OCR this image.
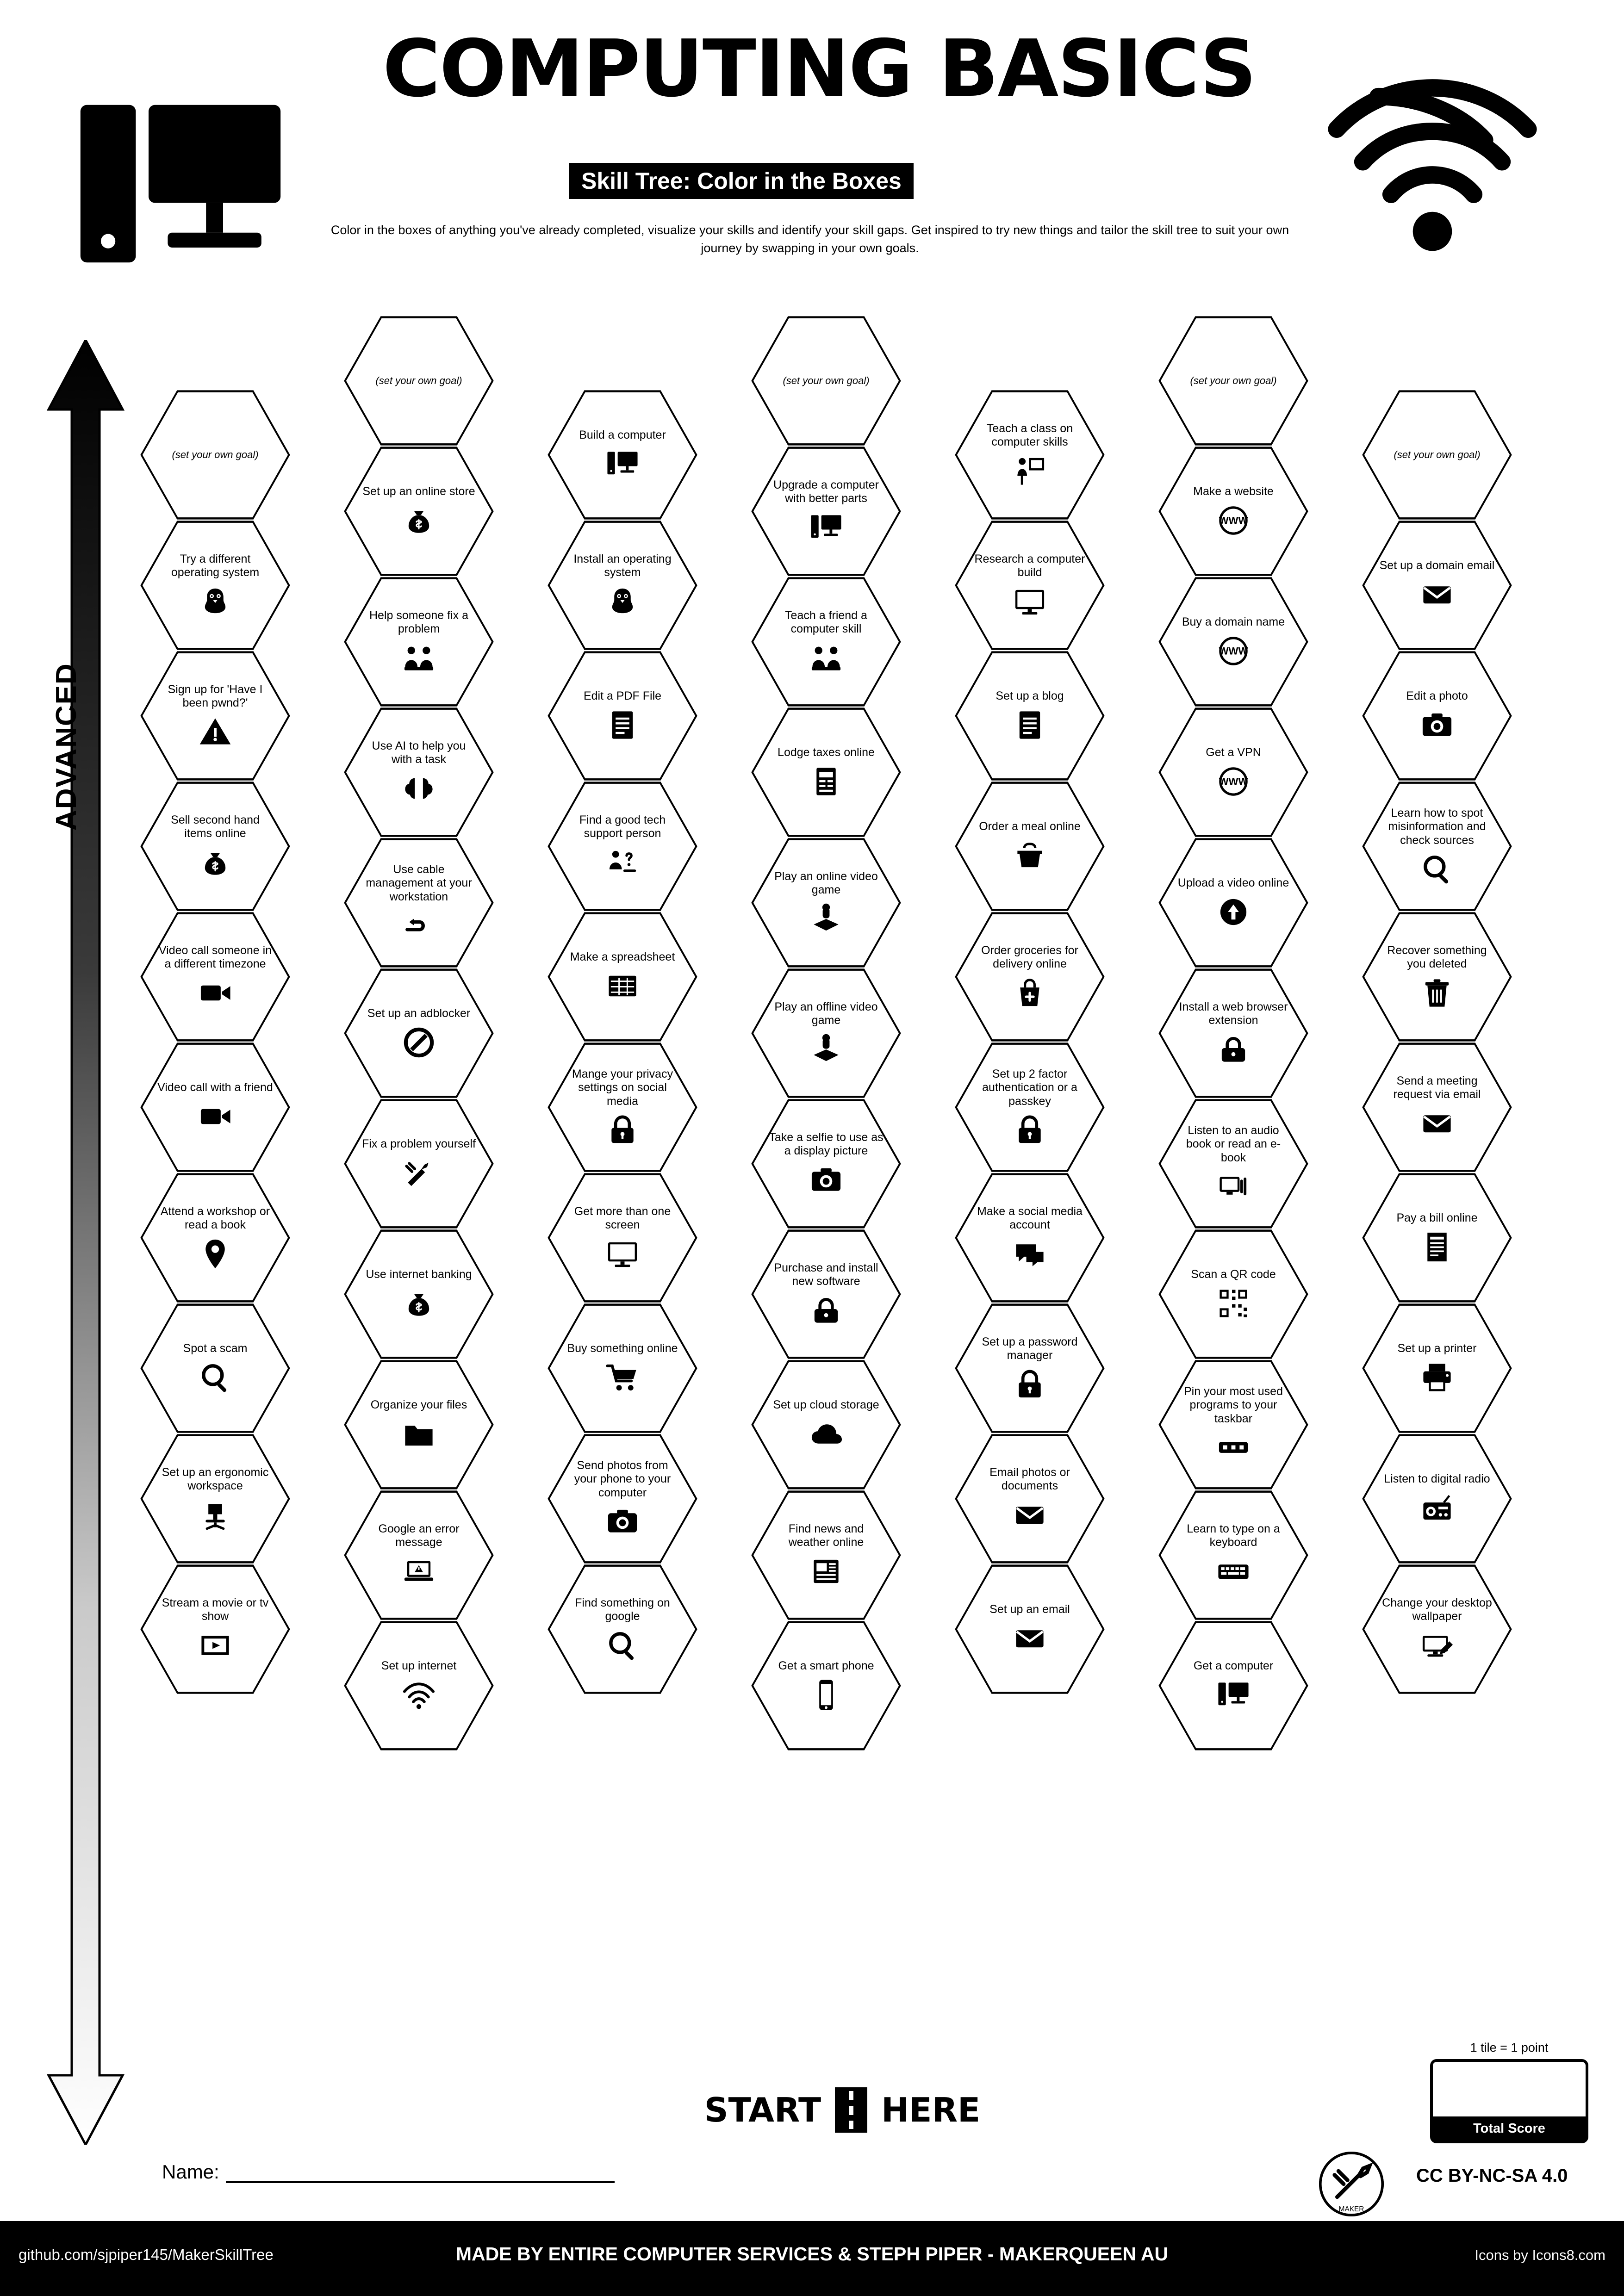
COMPUTING BASICS
Skill Tree: Color in the Boxes
Color in the boxes of anything you've already completed, visualize your skills and identify your skill gaps. Get inspired to try new things and tailor the skill tree to suit your own journey by swapping in your own goals.
ADVANCED
(set your own goal)
Try a different operating system
Sign up for 'Have I been pwnd?'
Sell second hand items online
Video call someone in a different timezone
Video call with a friend
Attend a workshop or read a book
Spot a scam
Set up an ergonomic workspace
Stream a movie or tv show
(set your own goal)
Set up an online store
Help someone fix a problem
Use AI to help you with a task
Use cable management at your workstation
Set up an adblocker
Fix a problem yourself
Use internet banking
Organize your files
Google an error message
Set up internet
Build a computer
Install an operating system
Edit a PDF File
Find a good tech support person
Make a spreadsheet
Mange your privacy settings on social media
Get more than one screen
Buy something online
Send photos from your phone to your computer
Find something on google
(set your own goal)
Upgrade a computer with better parts
Teach a friend a computer skill
Lodge taxes online
Play an online video game
Play an offline video game
Take a selfie to use as a display picture
Purchase and install new software
Set up cloud storage
Find news and weather online
Get a smart phone
Teach a class on computer skills
Research a computer build
Set up a blog
Order a meal online
Order groceries for delivery online
Set up 2 factor authentication or a passkey
Make a social media account
Set up a password manager
Email photos or documents
Set up an email
(set your own goal)
Make a website
WWW
Buy a domain name
WWW
Get a VPN
WWW
Upload a video online
Install a web browser extension
Listen to an audio book or read an e-book
Scan a QR code
Pin your most used programs to your taskbar
Learn to type on a keyboard
Get a computer
(set your own goal)
Set up a domain email
Edit a photo
Learn how to spot misinformation and check sources
Recover something you deleted
Send a meeting request via email
Pay a bill online
Set up a printer
Listen to digital radio
Change your desktop wallpaper
START HERE
1 tile = 1 point
Total Score
Name:
MAKER
CC BY-NC-SA 4.0
github.com/sjpiper145/MakerSkillTree	MADE BY ENTIRE COMPUTER SERVICES & STEPH PIPER - MAKERQUEEN AU	Icons by Icons8.com
